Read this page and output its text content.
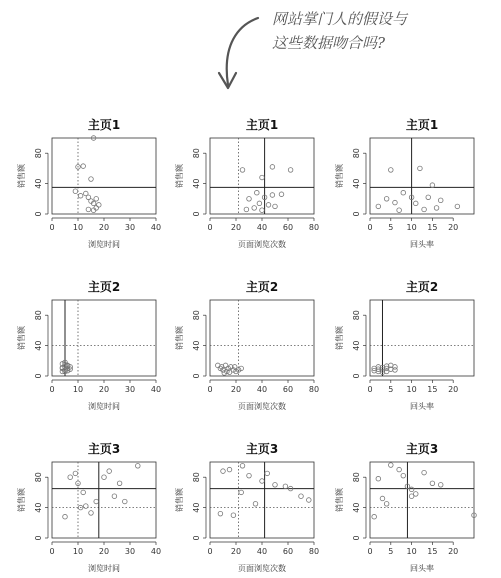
网站掌门人的假设与
这些数据吻合吗?
主页1
0 10 20 30 40
0
40
80
浏览时间
销售额
主页1
0 20 40 60 80
0
40
80
页面浏览次数
销售额
主页1
0 5 10 15 20
0
40
80
回头率
销售额
主页2
0 10 20 30 40
0
40
80
浏览时间
销售额
主页2
0 20 40 60 80
0
40
80
页面浏览次数
销售额
主页2
0 5 10 15 20
0
40
80
回头率
销售额
主页3
0 10 20 30 40
0
40
80
浏览时间
销售额
主页3
0 20 40 60 80
0
40
80
页面浏览次数
销售额
主页3
0 5 10 15 20
0
40
80
回头率
销售额
